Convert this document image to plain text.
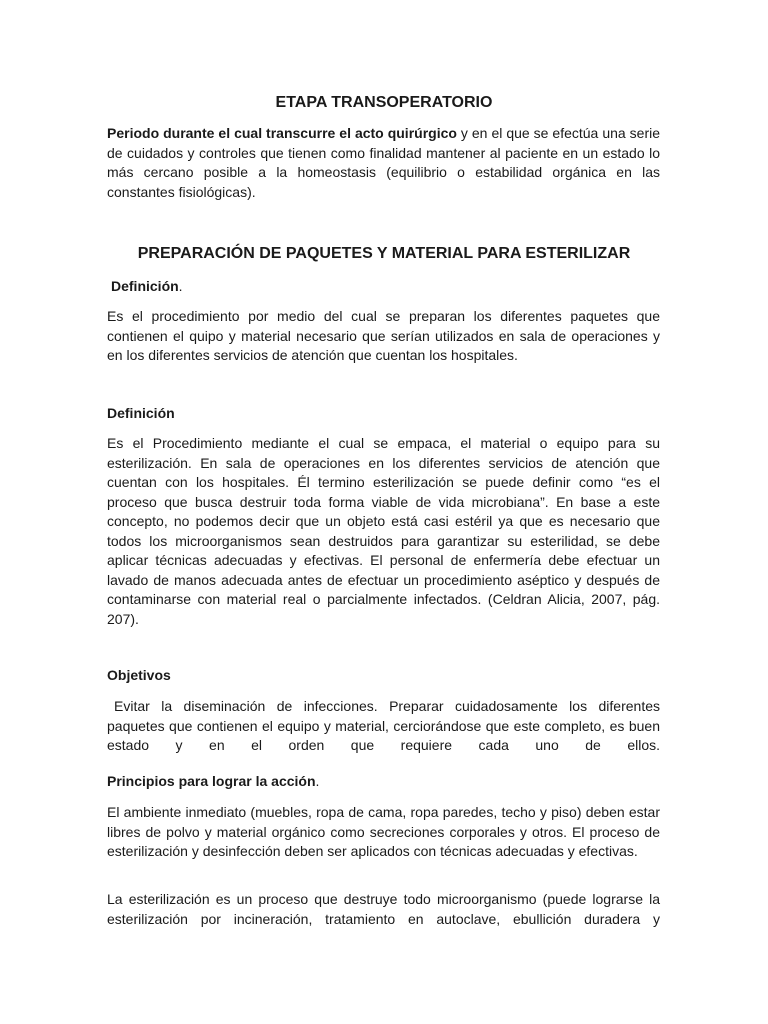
ETAPA TRANSOPERATORIO

Periodo durante el cual transcurre el acto quirúrgico y en el que se efectúa una serie de cuidados y controles que tienen como finalidad mantener al paciente en un estado lo más cercano posible a la homeostasis (equilibrio o estabilidad orgánica en las constantes fisiológicas).

PREPARACIÓN DE PAQUETES Y MATERIAL PARA ESTERILIZAR

Definición.

Es el procedimiento por medio del cual se preparan los diferentes paquetes que contienen el quipo y material necesario que serían utilizados en sala de operaciones y en los diferentes servicios de atención que cuentan los hospitales.

Definición

Es el Procedimiento mediante el cual se empaca, el material o equipo para su esterilización. En sala de operaciones en los diferentes servicios de atención que cuentan con los hospitales. Él termino esterilización se puede definir como “es el proceso que busca destruir toda forma viable de vida microbiana”. En base a este concepto, no podemos decir que un objeto está casi estéril ya que es necesario que todos los microorganismos sean destruidos para garantizar su esterilidad, se debe aplicar técnicas adecuadas y efectivas. El personal de enfermería debe efectuar un lavado de manos adecuada antes de efectuar un procedimiento aséptico y después de contaminarse con material real o parcialmente infectados. (Celdran Alicia, 2007, pág. 207).

Objetivos

Evitar la diseminación de infecciones. Preparar cuidadosamente los diferentes paquetes que contienen el equipo y material, cerciorándose que este completo, es buen estado y en el orden que requiere cada uno de ellos.

Principios para lograr la acción.

El ambiente inmediato (muebles, ropa de cama, ropa paredes, techo y piso) deben estar libres de polvo y material orgánico como secreciones corporales y otros. El proceso de esterilización y desinfección deben ser aplicados con técnicas adecuadas y efectivas.

La esterilización es un proceso que destruye todo microorganismo (puede lograrse la esterilización por incineración, tratamiento en autoclave, ebullición duradera y
